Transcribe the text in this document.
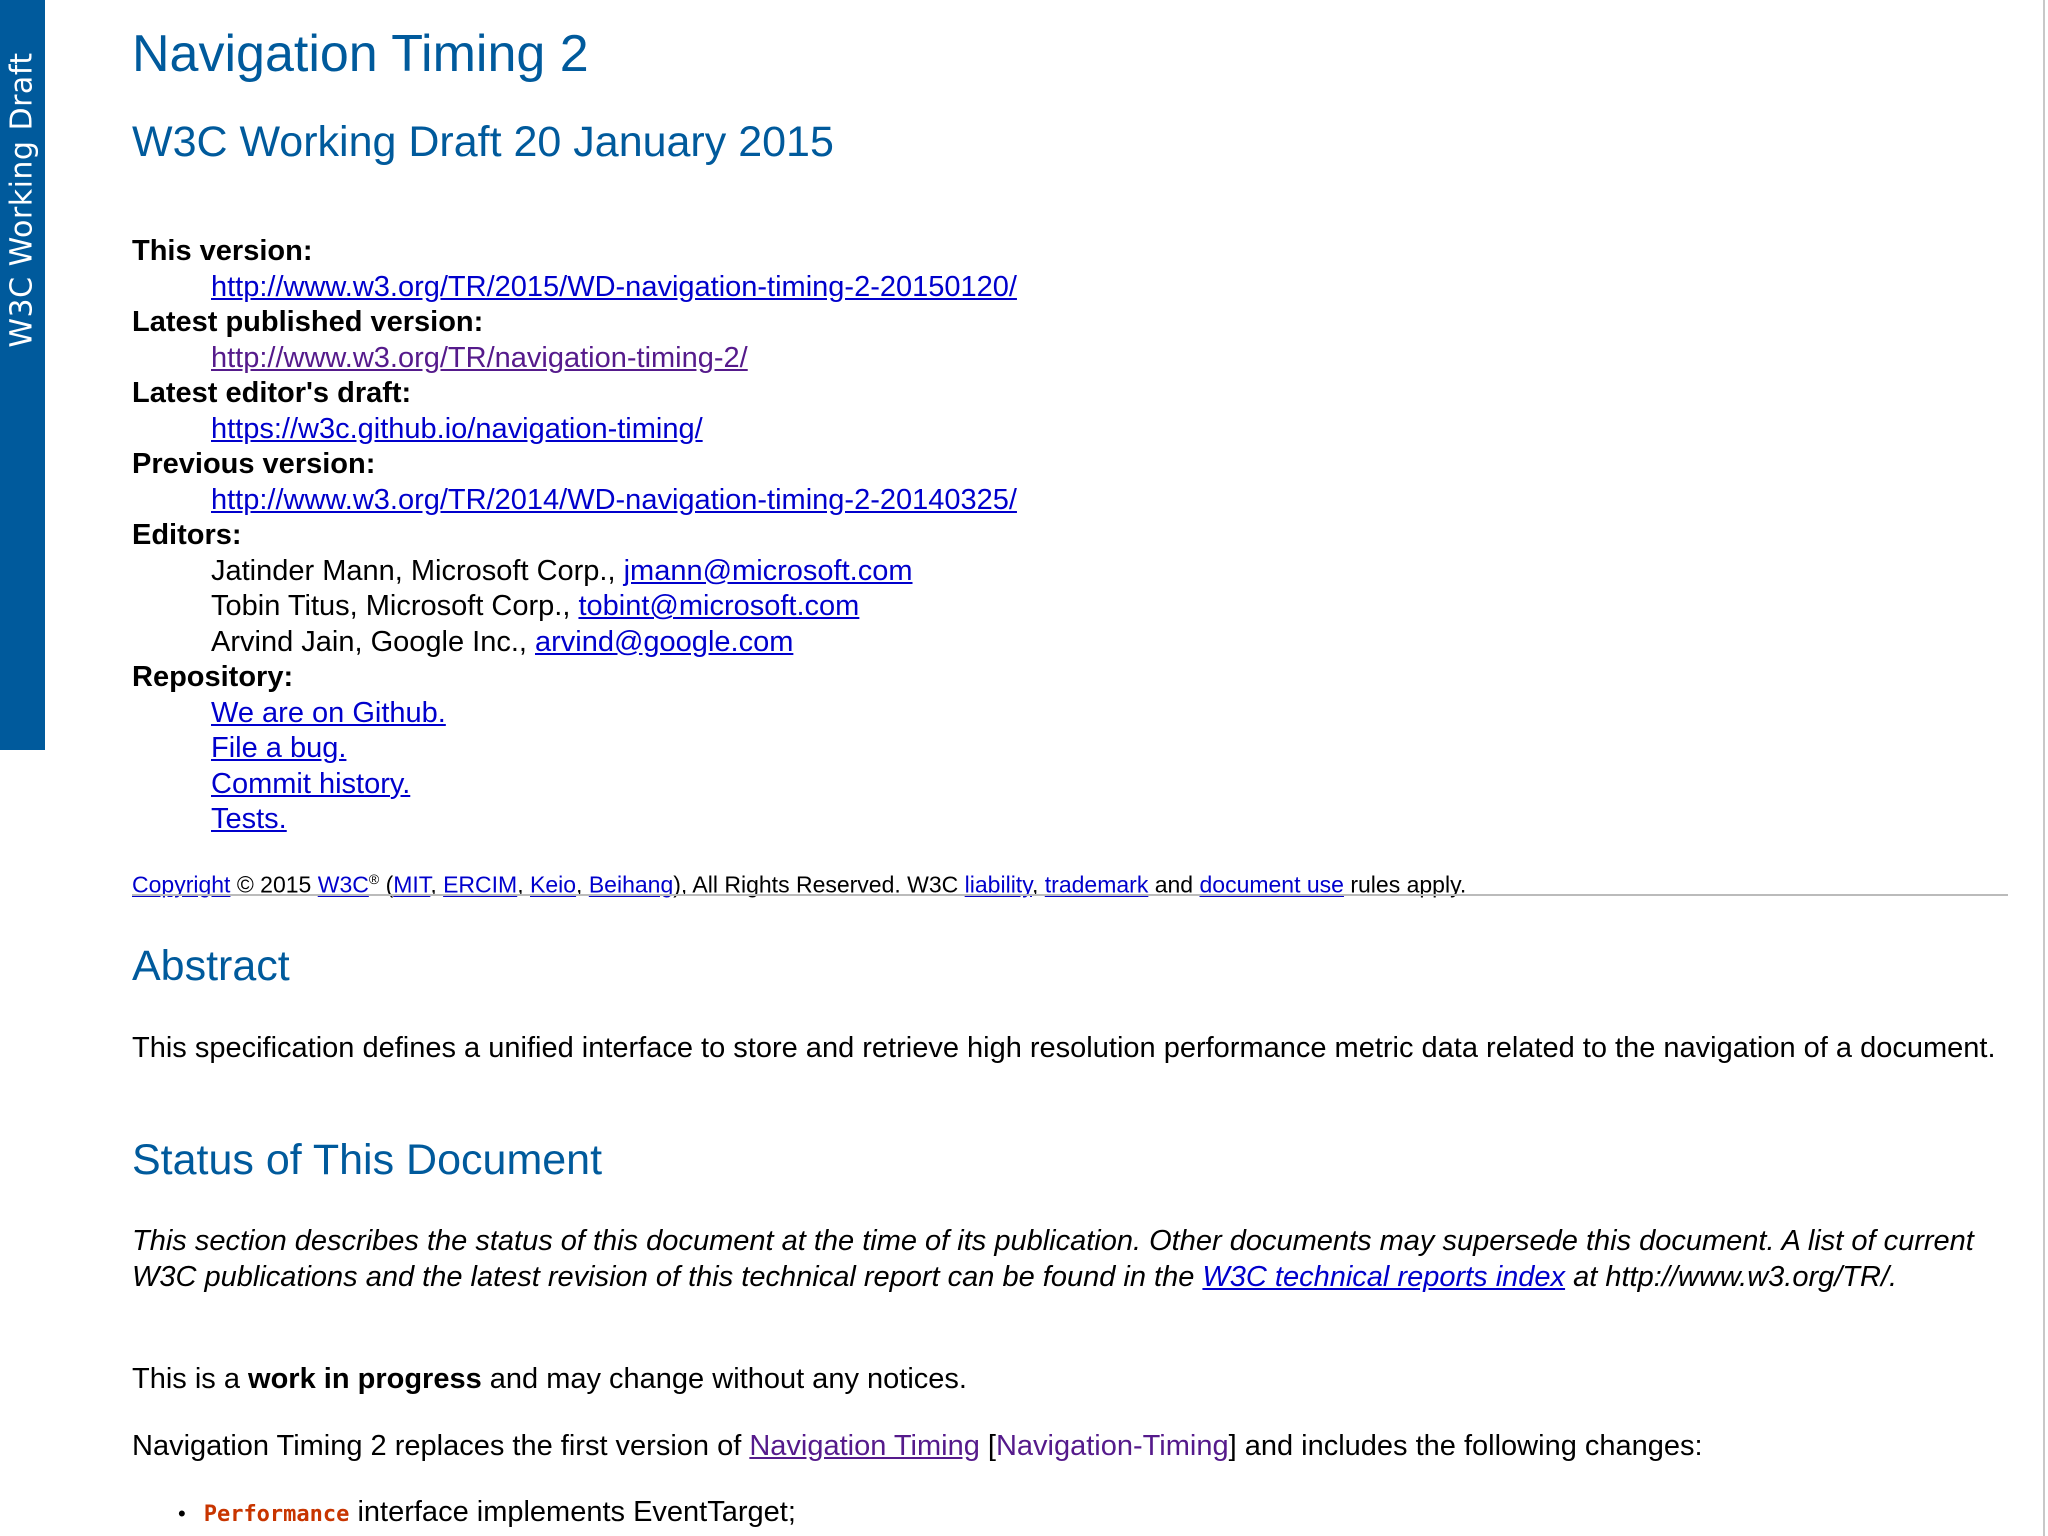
W3C Working Draft Navigation Timing 2
W3C Working Draft 20 January 2015
This version:
http://www.w3.org/TR/2015/WD-navigation-timing-2-20150120/
Latest published version:
http://www.w3.org/TR/navigation-timing-2/
Latest editor's draft:
https://w3c.github.io/navigation-timing/
Previous version:
http://www.w3.org/TR/2014/WD-navigation-timing-2-20140325/
Editors:
Jatinder Mann, Microsoft Corp., jmann@microsoft.com
Tobin Titus, Microsoft Corp., tobint@microsoft.com
Arvind Jain, Google Inc., arvind@google.com
Repository:
We are on Github.
File a bug.
Commit history.
Tests.

Copyright © 2015 W3C® (MIT, ERCIM, Keio, Beihang), All Rights Reserved. W3C liability, trademark and document use rules apply.

Abstract

This specification defines a unified interface to store and retrieve high resolution performance metric data related to the navigation of a document.

Status of This Document

This section describes the status of this document at the time of its publication. Other documents may supersede this document. A list of current W3C publications and the latest revision of this technical report can be found in the W3C technical reports index at http://www.w3.org/TR/.

This is a work in progress and may change without any notices.

Navigation Timing 2 replaces the first version of Navigation Timing [Navigation-Timing] and includes the following changes:

• Performance interface implements EventTarget;
